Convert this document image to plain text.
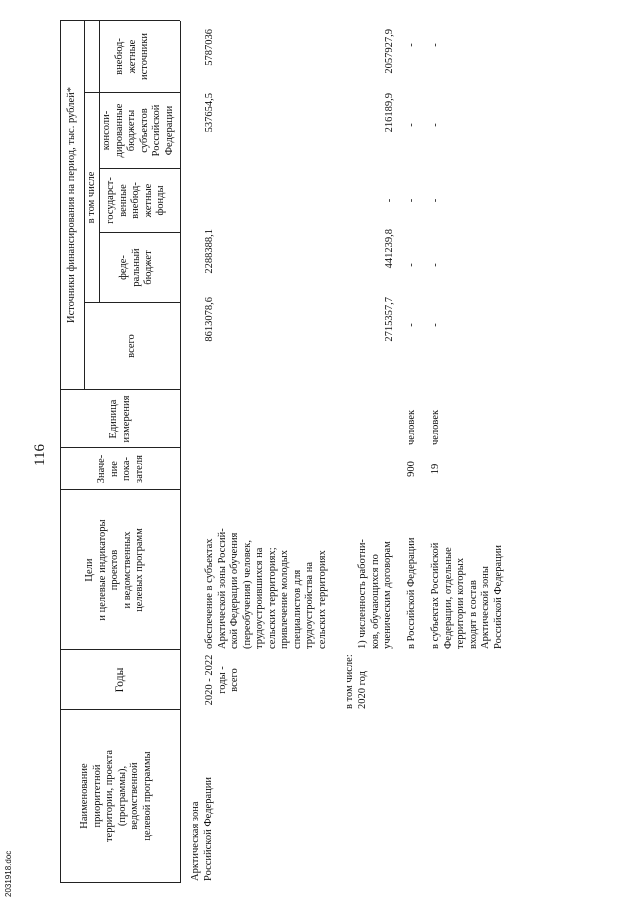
116
2031918.doc
Наименование
приоритетной
территории, проекта
(программы),
ведомственной
целевой программы
Годы
Цели
и целевые индикаторы
проектов
и ведомственных
целевых программ
Значе-
ние
пока-
зателя
Единица
измерения
Источники финансирования на период, тыс. рублей*
всего
в том числе
феде-
ральный
бюджет
государст-
венные
внебюд-
жетные
фонды
консоли-
дированные
бюджеты
субъектов
Российской
Федерации
внебюд-
жетные
источники
Арктическая зона
Российской Федерации
2020 - 2022
годы -
всего
обеспечение в субъектах
Арктической зоны Россий-
ской Федерации обучения
(переобучения) человек,
трудоустроившихся на
сельских территориях;
привлечение молодых
специалистов для
трудоустройства на
сельских территориях
8613078,6
2288388,1
537654,5
5787036
в том числе: 2020 год
1) численность работни-
ков, обучающихся по
ученическим договорам
2715357,7
441239,8
-
216189,9
2057927,9
в Российской Федерации
900
человек
-
-
-
-
-
в субъектах Российской
Федерации, отдельные
территории которых
входят в состав
Арктической зоны
Российской Федерации
19
человек
-
-
-
-
-
